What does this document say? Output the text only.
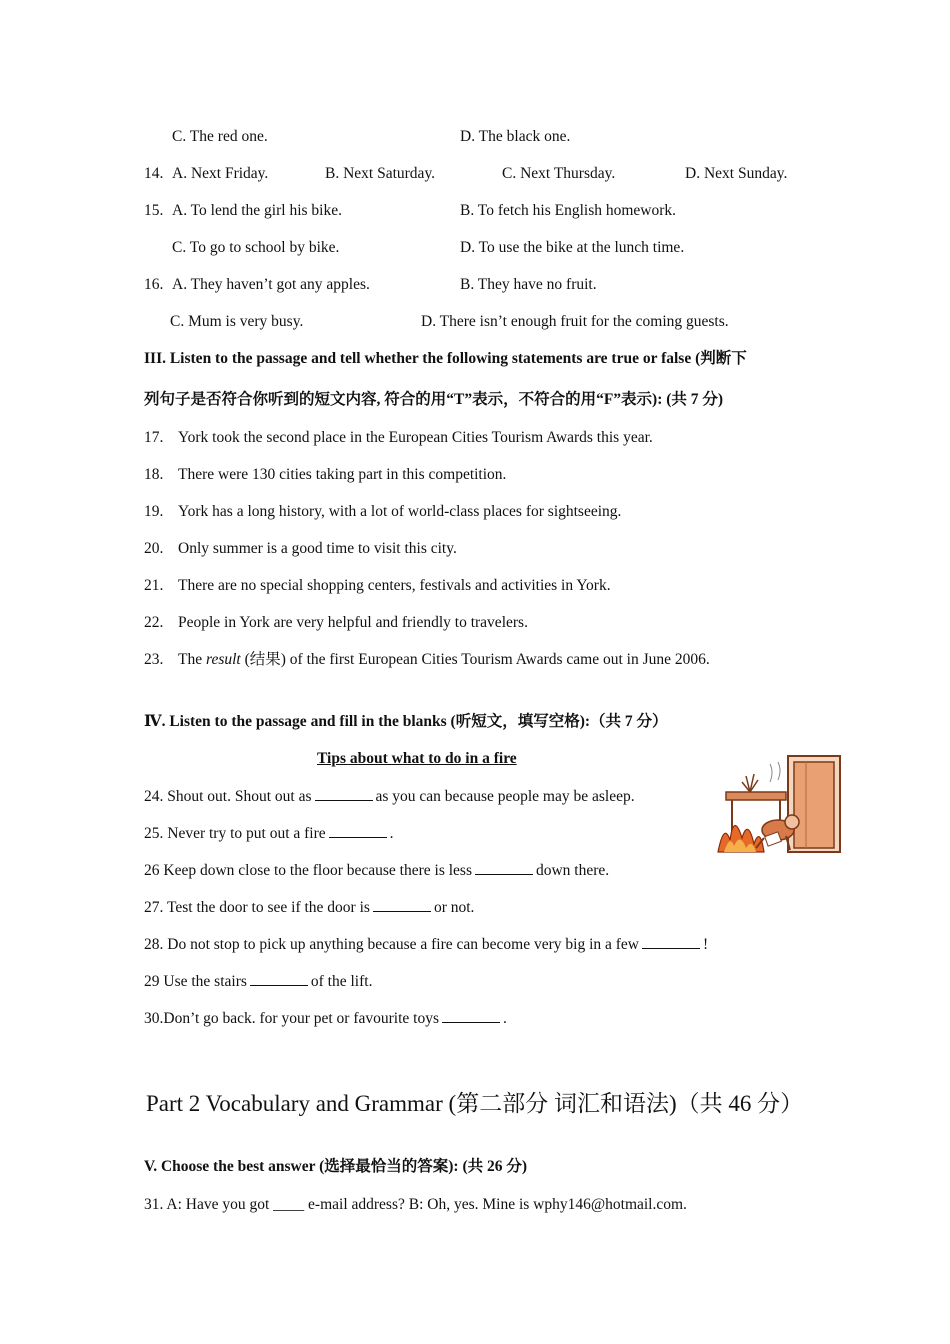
C. The red one.	D. The black one.
14. A. Next Friday.	B. Next Saturday.	C. Next Thursday.	D. Next Sunday.
15. A. To lend the girl his bike.	B. To fetch his English homework.
C. To go to school by bike.	D. To use the bike at the lunch time.
16. A. They haven’t got any apples.	B. They have no fruit.
C. Mum is very busy.	D. There isn’t enough fruit for the coming guests.
III. Listen to the passage and tell whether the following statements are true or false (判断下
列句子是否符合你听到的短文内容, 符合的用“T”表示，不符合的用“F”表示): (共 7 分)
17. York took the second place in the European Cities Tourism Awards this year.
18. There were 130 cities taking part in this competition.
19. York has a long history, with a lot of world-class places for sightseeing.
20. Only summer is a good time to visit this city.
21. There are no special shopping centers, festivals and activities in York.
22. People in York are very helpful and friendly to travelers.
23. The result (结果) of the first European Cities Tourism Awards came out in June 2006.
Ⅳ. Listen to the passage and fill in the blanks (听短文，填写空格):（共 7 分）
Tips about what to do in a fire
24. Shout out. Shout out as	as you can because people may be asleep.
25. Never try to put out a fire	.
26 Keep down close to the floor because there is less	down there.
27. Test the door to see if the door is	or not.
28. Do not stop to pick up anything because a fire can become very big in a few	!
29 Use the stairs	of the lift.
30.Don’t go back. for your pet or favourite toys	.
Part 2 Vocabulary and Grammar (第二部分 词汇和语法)（共 46 分）
V. Choose the best answer (选择最恰当的答案): (共 26 分)
31. A: Have you got ____ e-mail address? B: Oh, yes. Mine is wphy146@hotmail.com.
